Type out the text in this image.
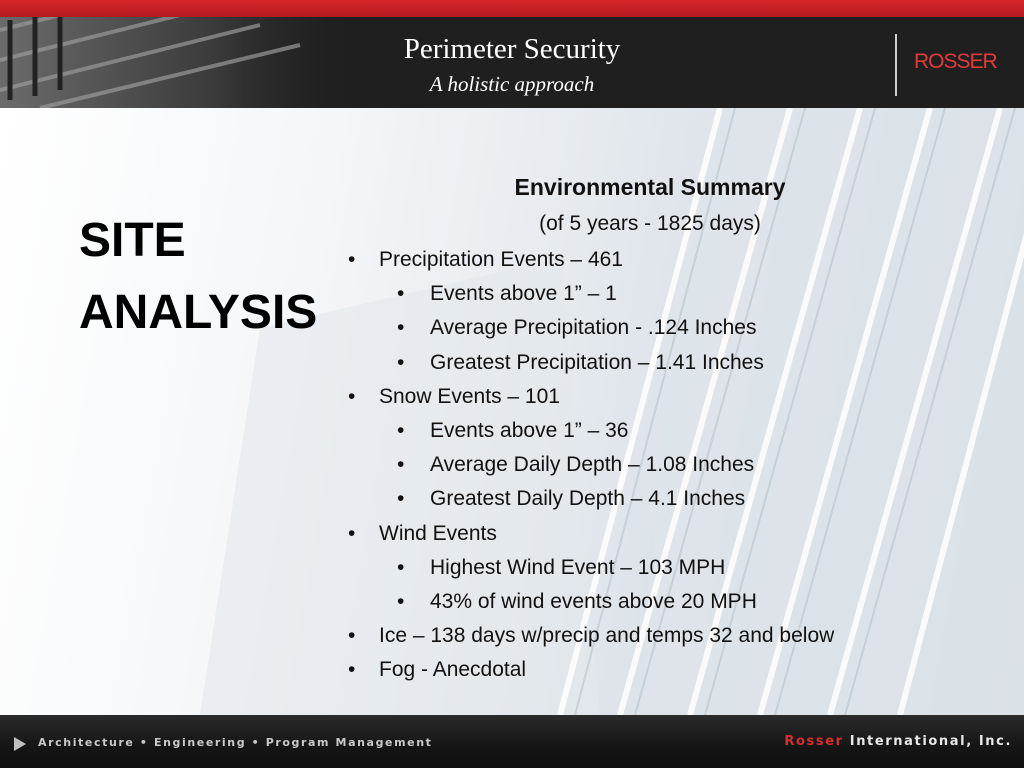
Perimeter Security
A holistic approach
ROSSER
SITE
ANALYSIS
Environmental Summary
(of 5 years - 1825 days)
• Precipitation Events – 461
• Events above 1” – 1
• Average Precipitation - .124 Inches
• Greatest Precipitation – 1.41 Inches
• Snow Events – 101
• Events above 1” – 36
• Average Daily Depth – 1.08 Inches
• Greatest Daily Depth – 4.1 Inches
• Wind Events
• Highest Wind Event – 103 MPH
• 43% of wind events above 20 MPH
• Ice – 138 days w/precip and temps 32 and below
• Fog - Anecdotal
Architecture • Engineering • Program Management	Rosser International, Inc.
